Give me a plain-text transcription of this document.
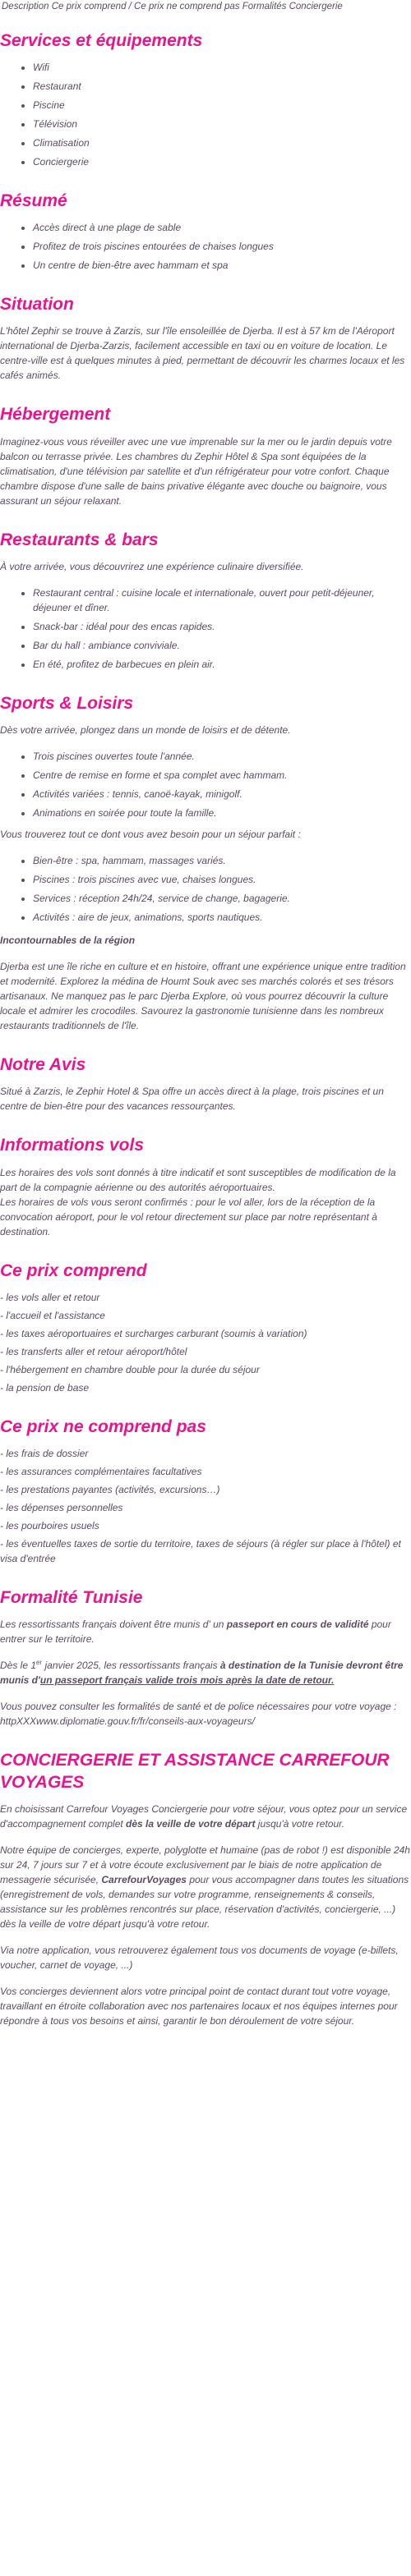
Description Ce prix comprend / Ce prix ne comprend pas Formalités Conciergerie
Services et équipements
• Wifi
• Restaurant
• Piscine
• Télévision
• Climatisation
• Conciergerie
Résumé
• Accès direct à une plage de sable
• Profitez de trois piscines entourées de chaises longues
• Un centre de bien-être avec hammam et spa
Situation

L'hôtel Zephir se trouve à Zarzis, sur l'île ensoleillée de Djerba. Il est à 57 km de l'Aéroport international de Djerba-Zarzis, facilement accessible en taxi ou en voiture de location. Le centre-ville est à quelques minutes à pied, permettant de découvrir les charmes locaux et les cafés animés.

Hébergement

Imaginez-vous vous réveiller avec une vue imprenable sur la mer ou le jardin depuis votre balcon ou terrasse privée. Les chambres du Zephir Hôtel & Spa sont équipées de la climatisation, d'une télévision par satellite et d'un réfrigérateur pour votre confort. Chaque chambre dispose d'une salle de bains privative élégante avec douche ou baignoire, vous assurant un séjour relaxant.

Restaurants & bars

À votre arrivée, vous découvrirez une expérience culinaire diversifiée.

• Restaurant central : cuisine locale et internationale, ouvert pour petit-déjeuner, déjeuner et dîner.
• Snack-bar : idéal pour des encas rapides.
• Bar du hall : ambiance conviviale.
• En été, profitez de barbecues en plein air.
Sports & Loisirs

Dès votre arrivée, plongez dans un monde de loisirs et de détente.

• Trois piscines ouvertes toute l'année.
• Centre de remise en forme et spa complet avec hammam.
• Activités variées : tennis, canoë-kayak, minigolf.
• Animations en soirée pour toute la famille.

Vous trouverez tout ce dont vous avez besoin pour un séjour parfait :

• Bien-être : spa, hammam, massages variés.
• Piscines : trois piscines avec vue, chaises longues.
• Services : réception 24h/24, service de change, bagagerie.
• Activités : aire de jeux, animations, sports nautiques.

Incontournables de la région

Djerba est une île riche en culture et en histoire, offrant une expérience unique entre tradition et modernité. Explorez la médina de Houmt Souk avec ses marchés colorés et ses trésors artisanaux. Ne manquez pas le parc Djerba Explore, où vous pourrez découvrir la culture locale et admirer les crocodiles. Savourez la gastronomie tunisienne dans les nombreux restaurants traditionnels de l'île.

Notre Avis

Situé à Zarzis, le Zephir Hotel & Spa offre un accès direct à la plage, trois piscines et un centre de bien-être pour des vacances ressourçantes.

Informations vols

Les horaires des vols sont donnés à titre indicatif et sont susceptibles de modification de la part de la compagnie aérienne ou des autorités aéroportuaires.

Les horaires de vols vous seront confirmés : pour le vol aller, lors de la réception de la convocation aéroport, pour le vol retour directement sur place par notre représentant à destination.

Ce prix comprend
- les vols aller et retour
- l'accueil et l'assistance
- les taxes aéroportuaires et surcharges carburant (soumis à variation)
- les transferts aller et retour aéroport/hôtel
- l'hébergement en chambre double pour la durée du séjour
- la pension de base
Ce prix ne comprend pas
- les frais de dossier
- les assurances complémentaires facultatives
- les prestations payantes (activités, excursions…)
- les dépenses personnelles
- les pourboires usuels
- les éventuelles taxes de sortie du territoire, taxes de séjours (à régler sur place à l'hôtel) et visa d'entrée
Formalité Tunisie

Les ressortissants français doivent être munis d' un passeport en cours de validité pour entrer sur le territoire.

Dès le 1er janvier 2025, les ressortissants français à destination de la Tunisie devront être munis d'un passeport français valide trois mois après la date de retour.

Vous pouvez consulter les formalités de santé et de police nécessaires pour votre voyage : httpXXXwww.diplomatie.gouv.fr/fr/conseils-aux-voyageurs/

CONCIERGERIE ET ASSISTANCE CARREFOUR VOYAGES

En choisissant Carrefour Voyages Conciergerie pour votre séjour, vous optez pour un service d'accompagnement complet dès la veille de votre départ jusqu'à votre retour.

Notre équipe de concierges, experte, polyglotte et humaine (pas de robot !) est disponible 24h sur 24, 7 jours sur 7 et à votre écoute exclusivement par le biais de notre application de messagerie sécurisée, CarrefourVoyages pour vous accompagner dans toutes les situations (enregistrement de vols, demandes sur votre programme, renseignements & conseils, assistance sur les problèmes rencontrés sur place, réservation d'activités, conciergerie, ...) dès la veille de votre départ jusqu'à votre retour.

Via notre application, vous retrouverez également tous vos documents de voyage (e-billets, voucher, carnet de voyage, ...)

Vos concierges deviennent alors votre principal point de contact durant tout votre voyage, travaillant en étroite collaboration avec nos partenaires locaux et nos équipes internes pour répondre à tous vos besoins et ainsi, garantir le bon déroulement de votre séjour.
